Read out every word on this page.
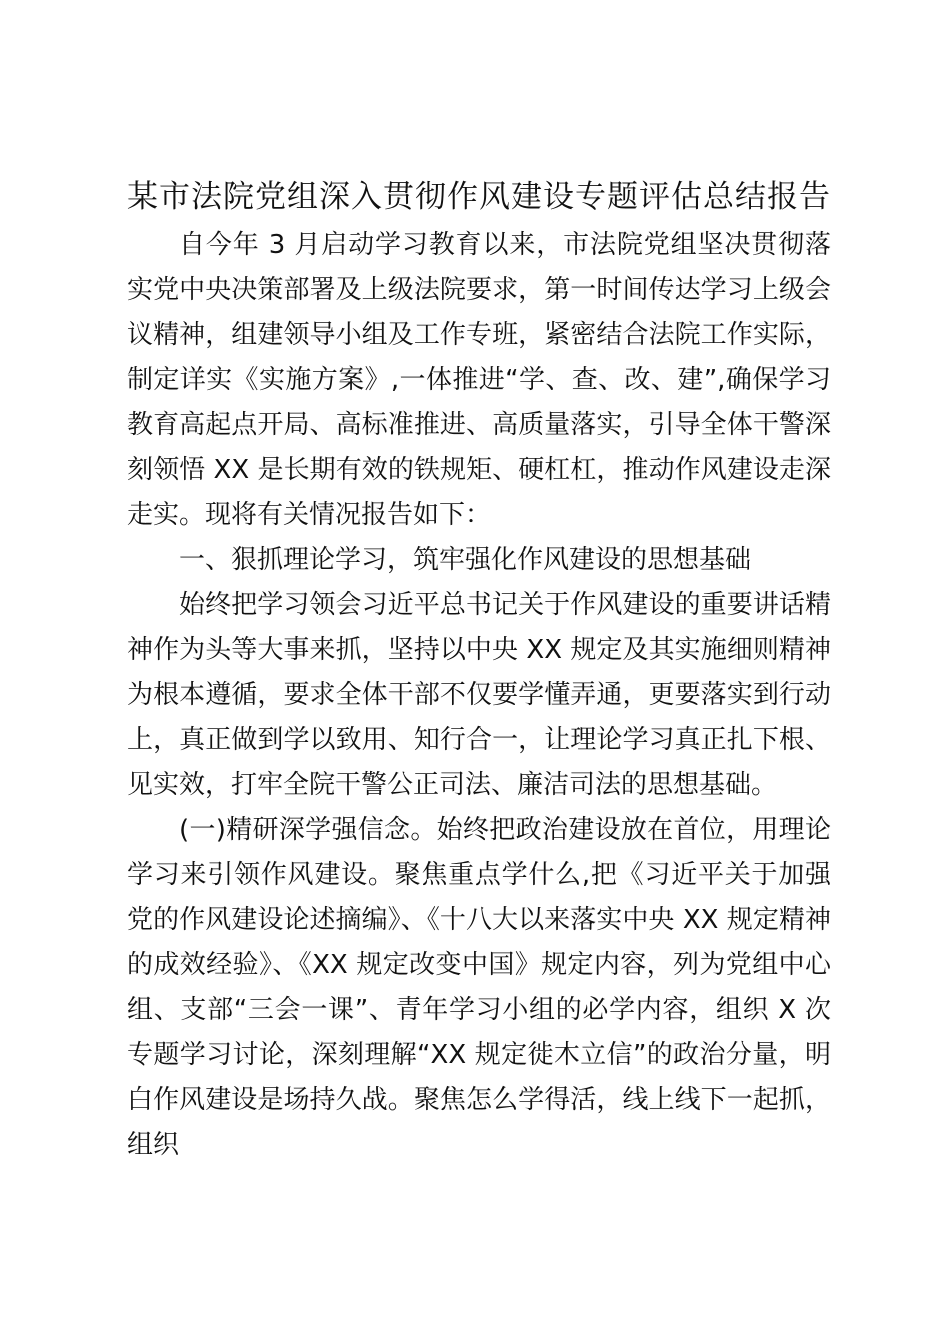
某市法院党组深入贯彻作风建设专题评估总结报告

自今年 3 月启动学习教育以来，市法院党组坚决贯彻落实党中央决策部署及上级法院要求，第一时间传达学习上级会议精神，组建领导小组及工作专班，紧密结合法院工作实际，制定详实《实施方案》,一体推进“学、查、改、建”,确保学习教育高起点开局、高标准推进、高质量落实，引导全体干警深刻领悟 XX 是长期有效的铁规矩、硬杠杠，推动作风建设走深走实。现将有关情况报告如下：

一、狠抓理论学习，筑牢强化作风建设的思想基础

始终把学习领会习近平总书记关于作风建设的重要讲话精神作为头等大事来抓，坚持以中央 XX 规定及其实施细则精神为根本遵循，要求全体干部不仅要学懂弄通，更要落实到行动上，真正做到学以致用、知行合一，让理论学习真正扎下根、见实效，打牢全院干警公正司法、廉洁司法的思想基础。

(一)精研深学强信念。始终把政治建设放在首位，用理论学习来引领作风建设。聚焦重点学什么,把《习近平关于加强党的作风建设论述摘编》、《十八大以来落实中央 XX 规定精神的成效经验》、《XX 规定改变中国》规定内容，列为党组中心组、支部“三会一课”、青年学习小组的必学内容，组织 X 次专题学习讨论，深刻理解“XX 规定徙木立信”的政治分量，明白作风建设是场持久战。聚焦怎么学得活，线上线下一起抓，组织
